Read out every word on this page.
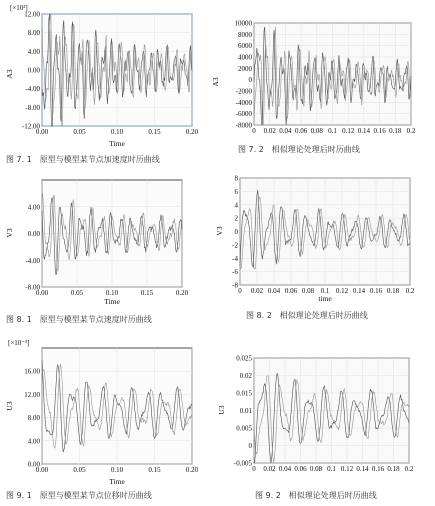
-12.00
-8.00
-4.00
0.00
4.00
8.00
12.00
0.00	0.05	0.10	0.15	0.20
[×10³]
A3
Time
图 7. 1　原型与模型某节点加速度时历曲线
-8000
-6000
-4000
-2000
0
2000
4000
6000
8000
10000
0 0.02 0.04 0.06 0.08 0.1 0.12 0.14 0.16 0.18 0.2
A3
图 7. 2　相似理论处理后时历曲线
-8.00
-4.00
0.00
4.00
0.00	0.05	0.10	0.15	0.20
V3
Time
图 8. 1　原型与模型某节点速度时历曲线
-8
-6
-4
-2
0
2
4
6
8
0 0.02 0.04 0.06 0.08 0.1 0.12 0.14 0.16 0.18 0.2
V3
time
图 8. 2　相似理论处理后时历曲线
0.00
4.00
8.00
12.00
16.00
0.00	0.05	0.10	0.15	0.20
[×10⁻³]
U3
Time
图 9. 1　原型与模型某节点位移时历曲线
-0.005
0
0.005
0.01
0.015
0.02
0.025
0 0.02 0.04 0.06 0.08 0.1 0.12 0.14 0.16 0.18 0.2
U3
图 9. 2　相似理论处理后时历曲线
